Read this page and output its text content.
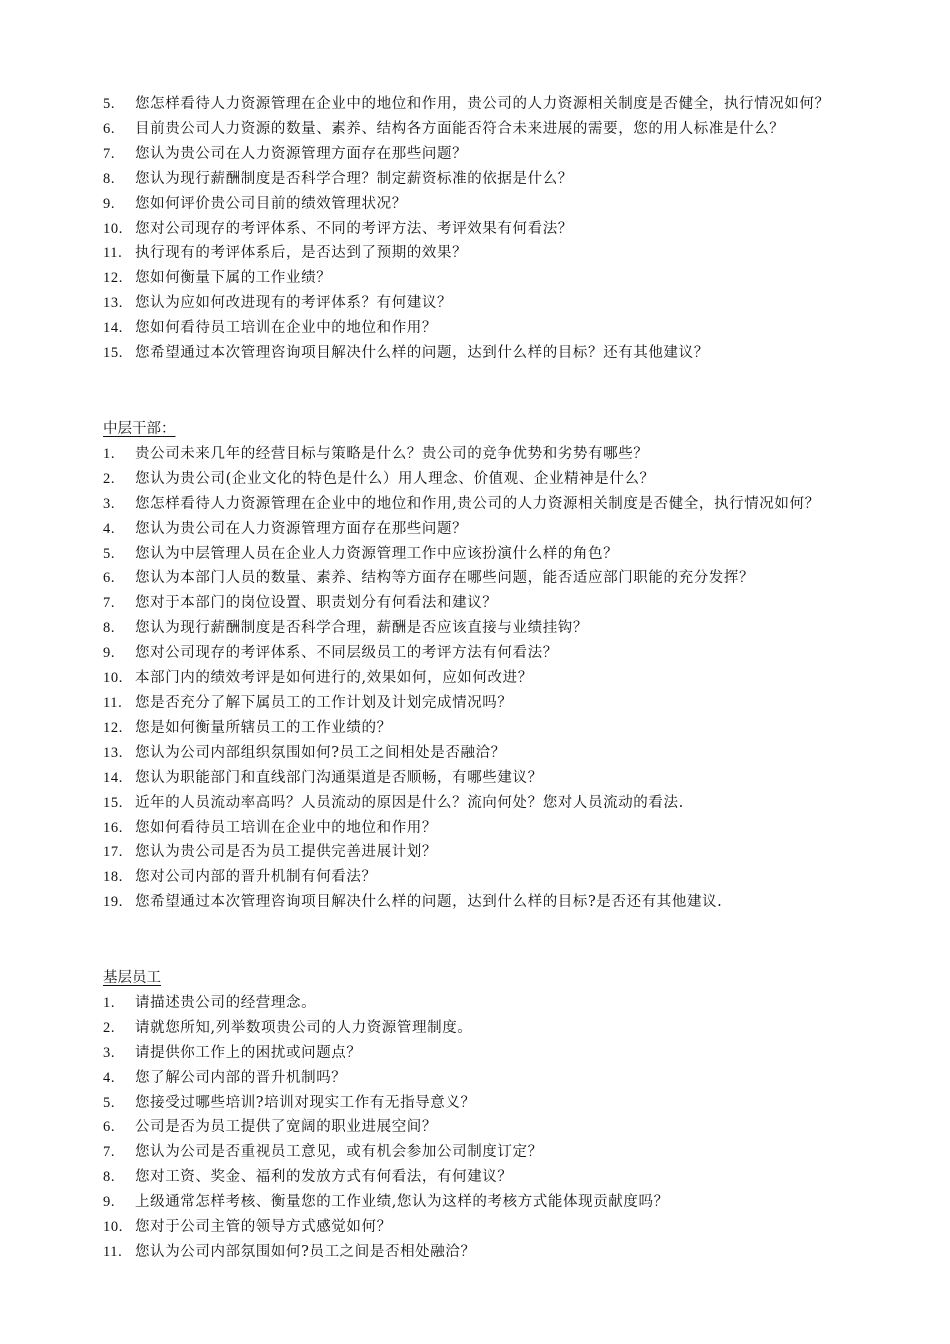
5.	您怎样看待人力资源管理在企业中的地位和作用，贵公司的人力资源相关制度是否健全，执行情况如何？
6.	目前贵公司人力资源的数量、素养、结构各方面能否符合未来进展的需要，您的用人标准是什么？
7.	您认为贵公司在人力资源管理方面存在那些问题？
8.	您认为现行薪酬制度是否科学合理？制定薪资标准的依据是什么？
9.	您如何评价贵公司目前的绩效管理状况？
10. 您对公司现存的考评体系、不同的考评方法、考评效果有何看法？
11. 执行现有的考评体系后，是否达到了预期的效果？
12. 您如何衡量下属的工作业绩？
13. 您认为应如何改进现有的考评体系？有何建议？
14. 您如何看待员工培训在企业中的地位和作用？
15. 您希望通过本次管理咨询项目解决什么样的问题，达到什么样的目标？还有其他建议？
中层干部：
1.	贵公司未来几年的经营目标与策略是什么？贵公司的竞争优势和劣势有哪些？
2.	您认为贵公司(企业文化的特色是什么）用人理念、价值观、企业精神是什么？
3.	您怎样看待人力资源管理在企业中的地位和作用,贵公司的人力资源相关制度是否健全，执行情况如何？
4.	您认为贵公司在人力资源管理方面存在那些问题？
5.	您认为中层管理人员在企业人力资源管理工作中应该扮演什么样的角色？
6.	您认为本部门人员的数量、素养、结构等方面存在哪些问题，能否适应部门职能的充分发挥？
7.	您对于本部门的岗位设置、职责划分有何看法和建议？
8.	您认为现行薪酬制度是否科学合理，薪酬是否应该直接与业绩挂钩？
9.	您对公司现存的考评体系、不同层级员工的考评方法有何看法？
10. 本部门内的绩效考评是如何进行的,效果如何，应如何改进？
11. 您是否充分了解下属员工的工作计划及计划完成情况吗？
12. 您是如何衡量所辖员工的工作业绩的？
13. 您认为公司内部组织氛围如何?员工之间相处是否融洽？
14. 您认为职能部门和直线部门沟通渠道是否顺畅，有哪些建议？
15. 近年的人员流动率高吗？人员流动的原因是什么？流向何处？您对人员流动的看法.
16. 您如何看待员工培训在企业中的地位和作用？
17. 您认为贵公司是否为员工提供完善进展计划？
18. 您对公司内部的晋升机制有何看法？
19. 您希望通过本次管理咨询项目解决什么样的问题，达到什么样的目标?是否还有其他建议.
基层员工
1.	请描述贵公司的经营理念。
2.	请就您所知,列举数项贵公司的人力资源管理制度。
3.	请提供你工作上的困扰或问题点？
4.	您了解公司内部的晋升机制吗？
5.	您接受过哪些培训?培训对现实工作有无指导意义？
6.	公司是否为员工提供了宽阔的职业进展空间？
7.	您认为公司是否重视员工意见，或有机会参加公司制度订定？
8.	您对工资、奖金、福利的发放方式有何看法，有何建议？
9.	上级通常怎样考核、衡量您的工作业绩,您认为这样的考核方式能体现贡献度吗？
10. 您对于公司主管的领导方式感觉如何？
11. 您认为公司内部氛围如何?员工之间是否相处融洽？
